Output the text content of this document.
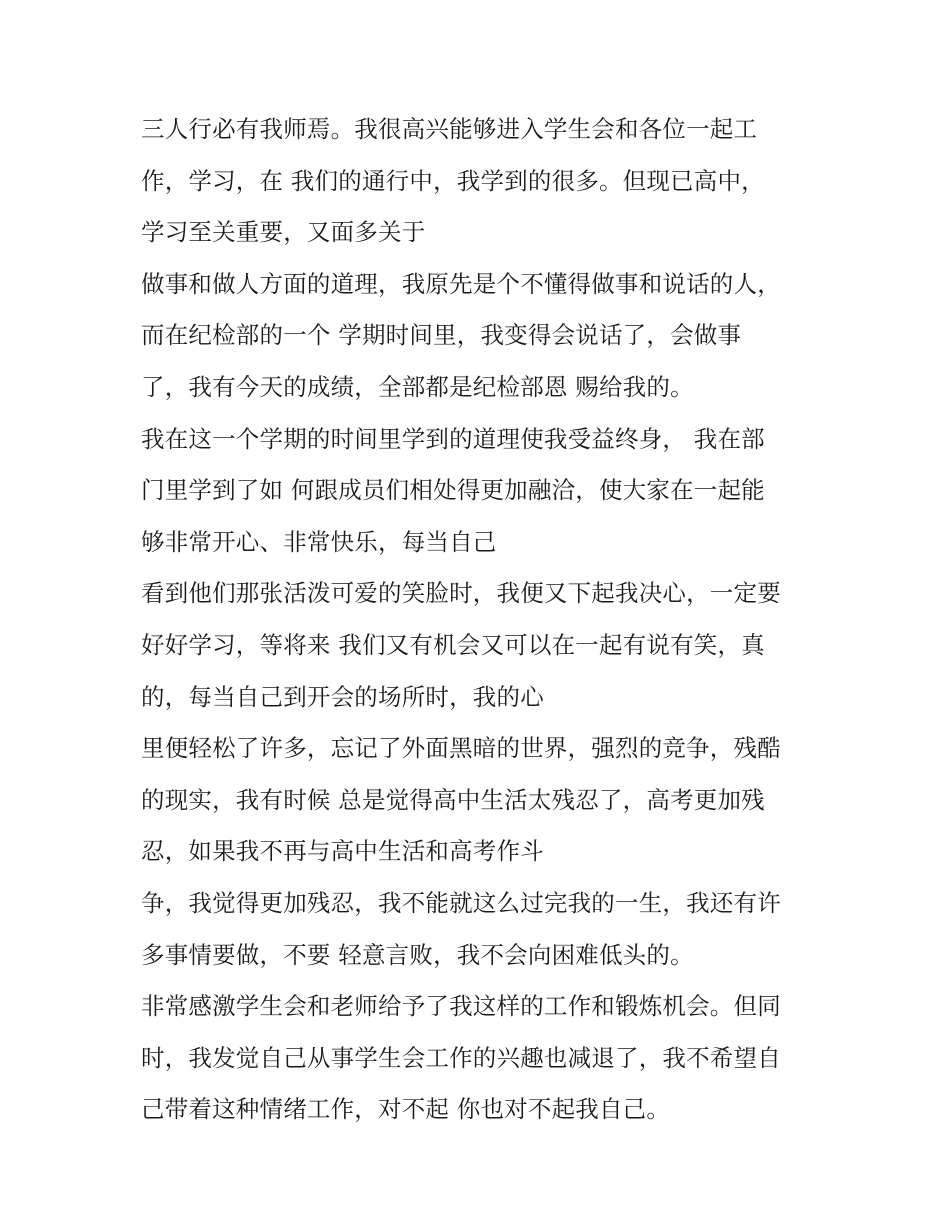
三人行必有我师焉。我很高兴能够进入学生会和各位一起工
作，学习，在 我们的通行中，我学到的很多。但现已高中，
学习至关重要，又面多关于
做事和做人方面的道理，我原先是个不懂得做事和说话的人，
而在纪检部的一个 学期时间里，我变得会说话了，会做事
了，我有今天的成绩，全部都是纪检部恩 赐给我的。
我在这一个学期的时间里学到的道理使我受益终身， 我在部
门里学到了如 何跟成员们相处得更加融洽，使大家在一起能
够非常开心、非常快乐，每当自己
看到他们那张活泼可爱的笑脸时，我便又下起我决心，一定要
好好学习，等将来 我们又有机会又可以在一起有说有笑，真
的，每当自己到开会的场所时，我的心
里便轻松了许多，忘记了外面黑暗的世界，强烈的竞争，残酷
的现实，我有时候 总是觉得高中生活太残忍了，高考更加残
忍，如果我不再与高中生活和高考作斗
争，我觉得更加残忍，我不能就这么过完我的一生，我还有许
多事情要做，不要 轻意言败，我不会向困难低头的。
非常感激学生会和老师给予了我这样的工作和锻炼机会。但同
时，我发觉自己从事学生会工作的兴趣也减退了，我不希望自
己带着这种情绪工作，对不起 你也对不起我自己。
